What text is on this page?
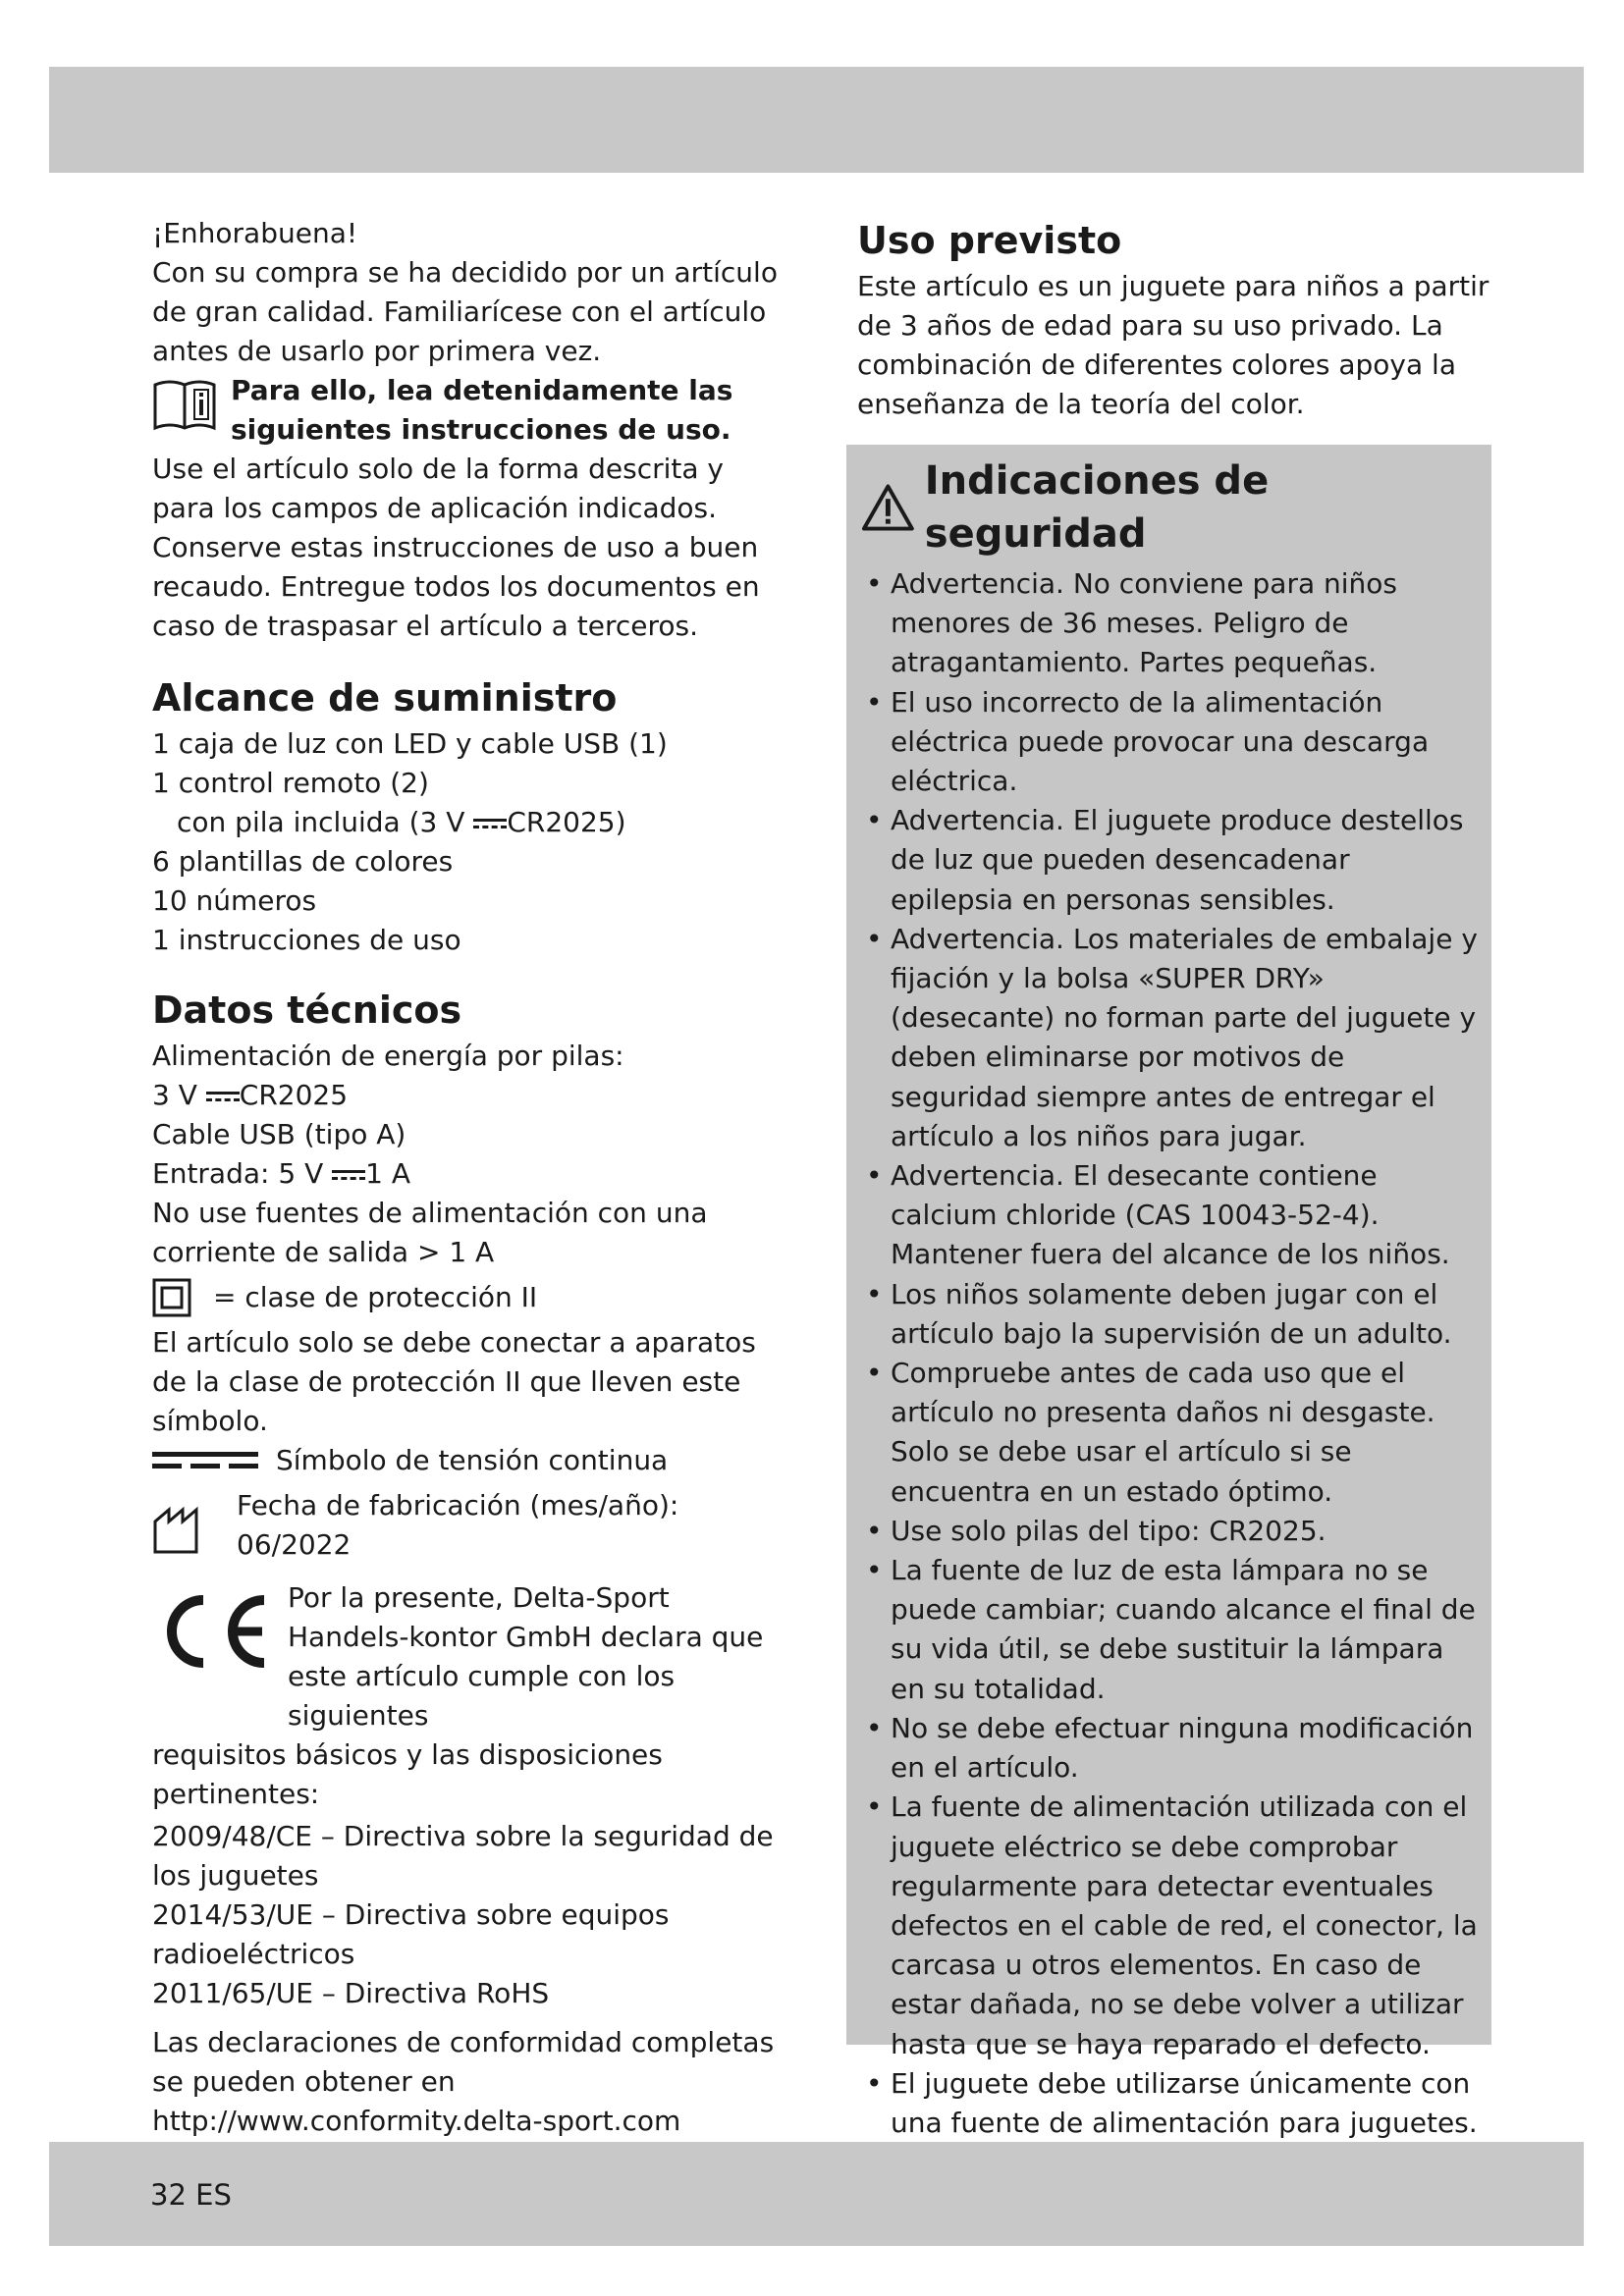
¡Enhorabuena!

Con su compra se ha decidido por un artículo de gran calidad. Familiarícese con el artículo antes de usarlo por primera vez.

Para ello, lea detenidamente las siguientes instrucciones de uso.

Use el artículo solo de la forma descrita y para los campos de aplicación indicados. Conserve estas instrucciones de uso a buen recaudo. Entregue todos los documentos en caso de traspasar el artículo a terceros.

Alcance de suministro

1 caja de luz con LED y cable USB (1)

1 control remoto (2)

con pila incluida (3 V CR2025)

6 plantillas de colores

10 números

1 instrucciones de uso

Datos técnicos

Alimentación de energía por pilas:

3 V CR2025

Cable USB (tipo A)

Entrada: 5 V 1 A

No use fuentes de alimentación con una corriente de salida > 1 A

= clase de protección II

El artículo solo se debe conectar a aparatos de la clase de protección II que lleven este símbolo.

Símbolo de tensión continua

Fecha de fabricación (mes/año):

06/2022

Por la presente, Delta-Sport Handels-kontor GmbH declara que este artículo cumple con los siguientes

requisitos básicos y las disposiciones pertinentes:

2009/48/CE – Directiva sobre la seguridad de los juguetes

2014/53/UE – Directiva sobre equipos radioeléctricos

2011/65/UE – Directiva RoHS

Las declaraciones de conformidad completas se pueden obtener en

http://www.conformity.delta-sport.com

Uso previsto

Este artículo es un juguete para niños a partir de 3 años de edad para su uso privado. La combinación de diferentes colores apoya la enseñanza de la teoría del color.

Indicaciones de seguridad
• Advertencia. No conviene para niños menores de 36 meses. Peligro de atragantamiento. Partes pequeñas.
• El uso incorrecto de la alimentación eléctrica puede provocar una descarga eléctrica.
• Advertencia. El juguete produce destellos de luz que pueden desencadenar epilepsia en personas sensibles.
• Advertencia. Los materiales de embalaje y fijación y la bolsa «SUPER DRY» (desecante) no forman parte del juguete y deben eliminarse por motivos de seguridad siempre antes de entregar el artículo a los niños para jugar.
• Advertencia. El desecante contiene calcium chloride (CAS 10043-52-4). Mantener fuera del alcance de los niños.
• Los niños solamente deben jugar con el artículo bajo la supervisión de un adulto.
• Compruebe antes de cada uso que el artículo no presenta daños ni desgaste. Solo se debe usar el artículo si se encuentra en un estado óptimo.
• Use solo pilas del tipo: CR2025.
• La fuente de luz de esta lámpara no se puede cambiar; cuando alcance el final de su vida útil, se debe sustituir la lámpara en su totalidad.
• No se debe efectuar ninguna modificación en el artículo.
• La fuente de alimentación utilizada con el juguete eléctrico se debe comprobar regularmente para detectar eventuales defectos en el cable de red, el conector, la carcasa u otros elementos. En caso de estar dañada, no se debe volver a utilizar hasta que se haya reparado el defecto.
• El juguete debe utilizarse únicamente con una fuente de alimentación para juguetes.
32 ES
